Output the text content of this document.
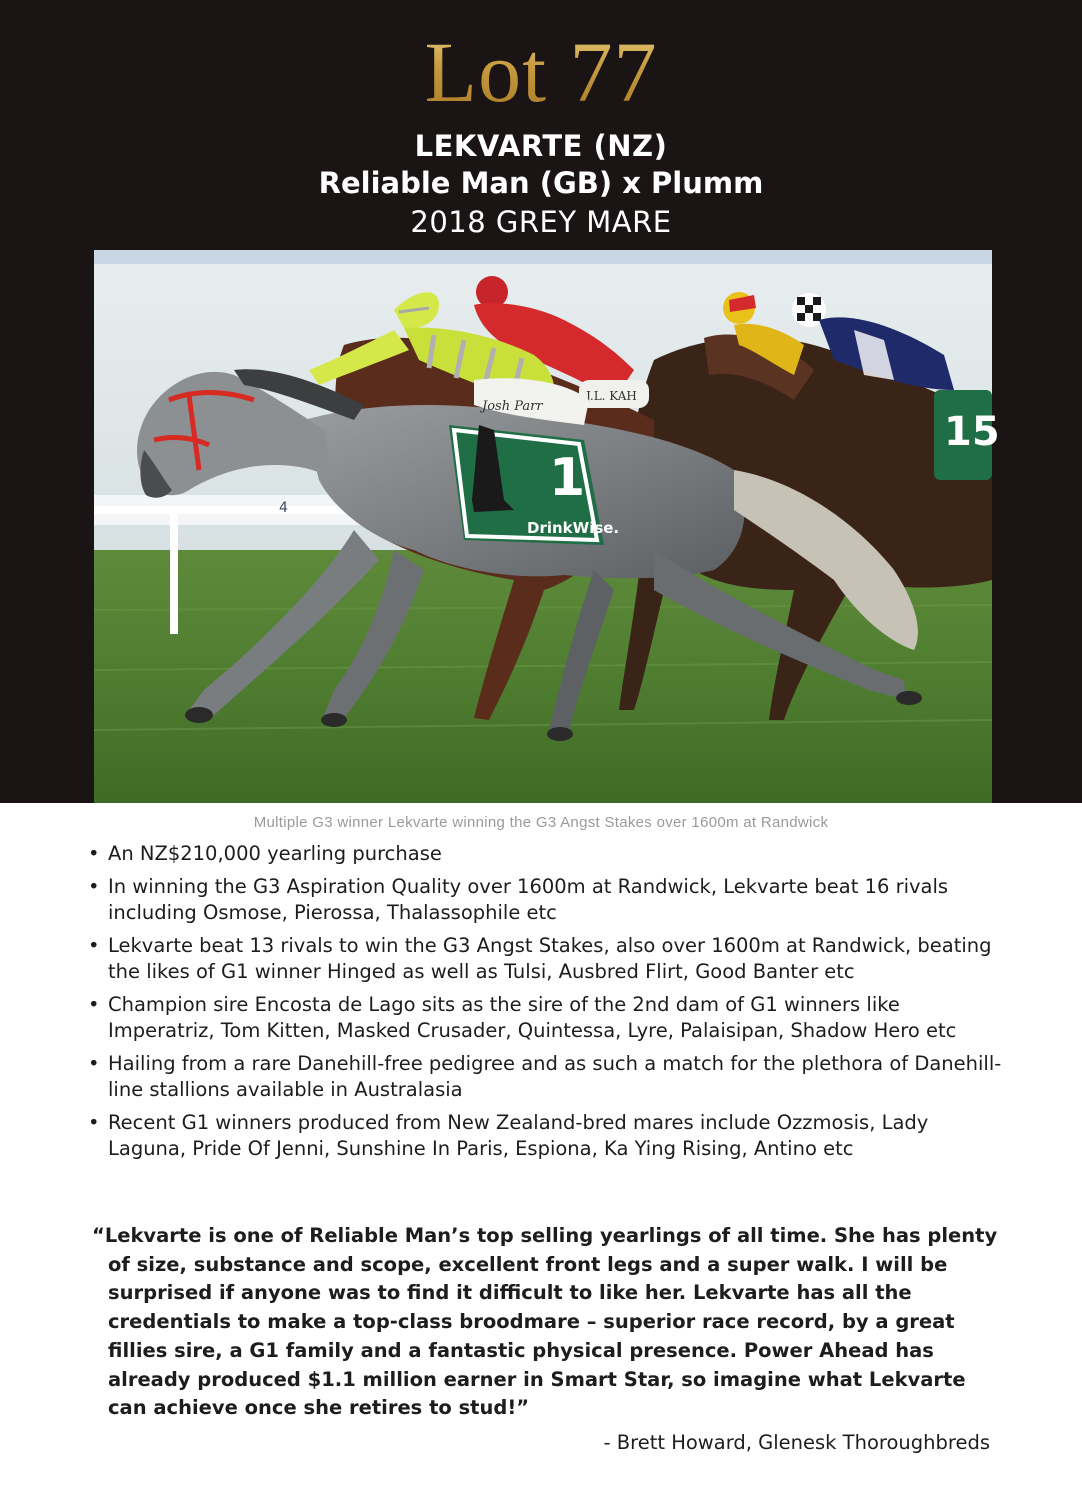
Lot 77
LEKVARTE (NZ)
Reliable Man (GB) x Plumm
2018 GREY MARE
4
J.L. KAH
15
1
DrinkWise.
Josh Parr
Multiple G3 winner Lekvarte winning the G3 Angst Stakes over 1600m at Randwick
• An NZ$210,000 yearling purchase
• In winning the G3 Aspiration Quality over 1600m at Randwick, Lekvarte beat 16 rivals including Osmose, Pierossa, Thalassophile etc
• Lekvarte beat 13 rivals to win the G3 Angst Stakes, also over 1600m at Randwick, beating the likes of G1 winner Hinged as well as Tulsi, Ausbred Flirt, Good Banter etc
• Champion sire Encosta de Lago sits as the sire of the 2nd dam of G1 winners like Imperatriz, Tom Kitten, Masked Crusader, Quintessa, Lyre, Palaisipan, Shadow Hero etc
• Hailing from a rare Danehill-free pedigree and as such a match for the plethora of Danehill-line stallions available in Australasia
• Recent G1 winners produced from New Zealand-bred mares include Ozzmosis, Lady Laguna, Pride Of Jenni, Sunshine In Paris, Espiona, Ka Ying Rising, Antino etc
“Lekvarte is one of Reliable Man’s top selling yearlings of all time. She has plenty of size, substance and scope, excellent front legs and a super walk. I will be surprised if anyone was to find it difficult to like her. Lekvarte has all the credentials to make a top-class broodmare – superior race record, by a great fillies sire, a G1 family and a fantastic physical presence. Power Ahead has already produced $1.1 million earner in Smart Star, so imagine what Lekvarte can achieve once she retires to stud!”
- Brett Howard, Glenesk Thoroughbreds
